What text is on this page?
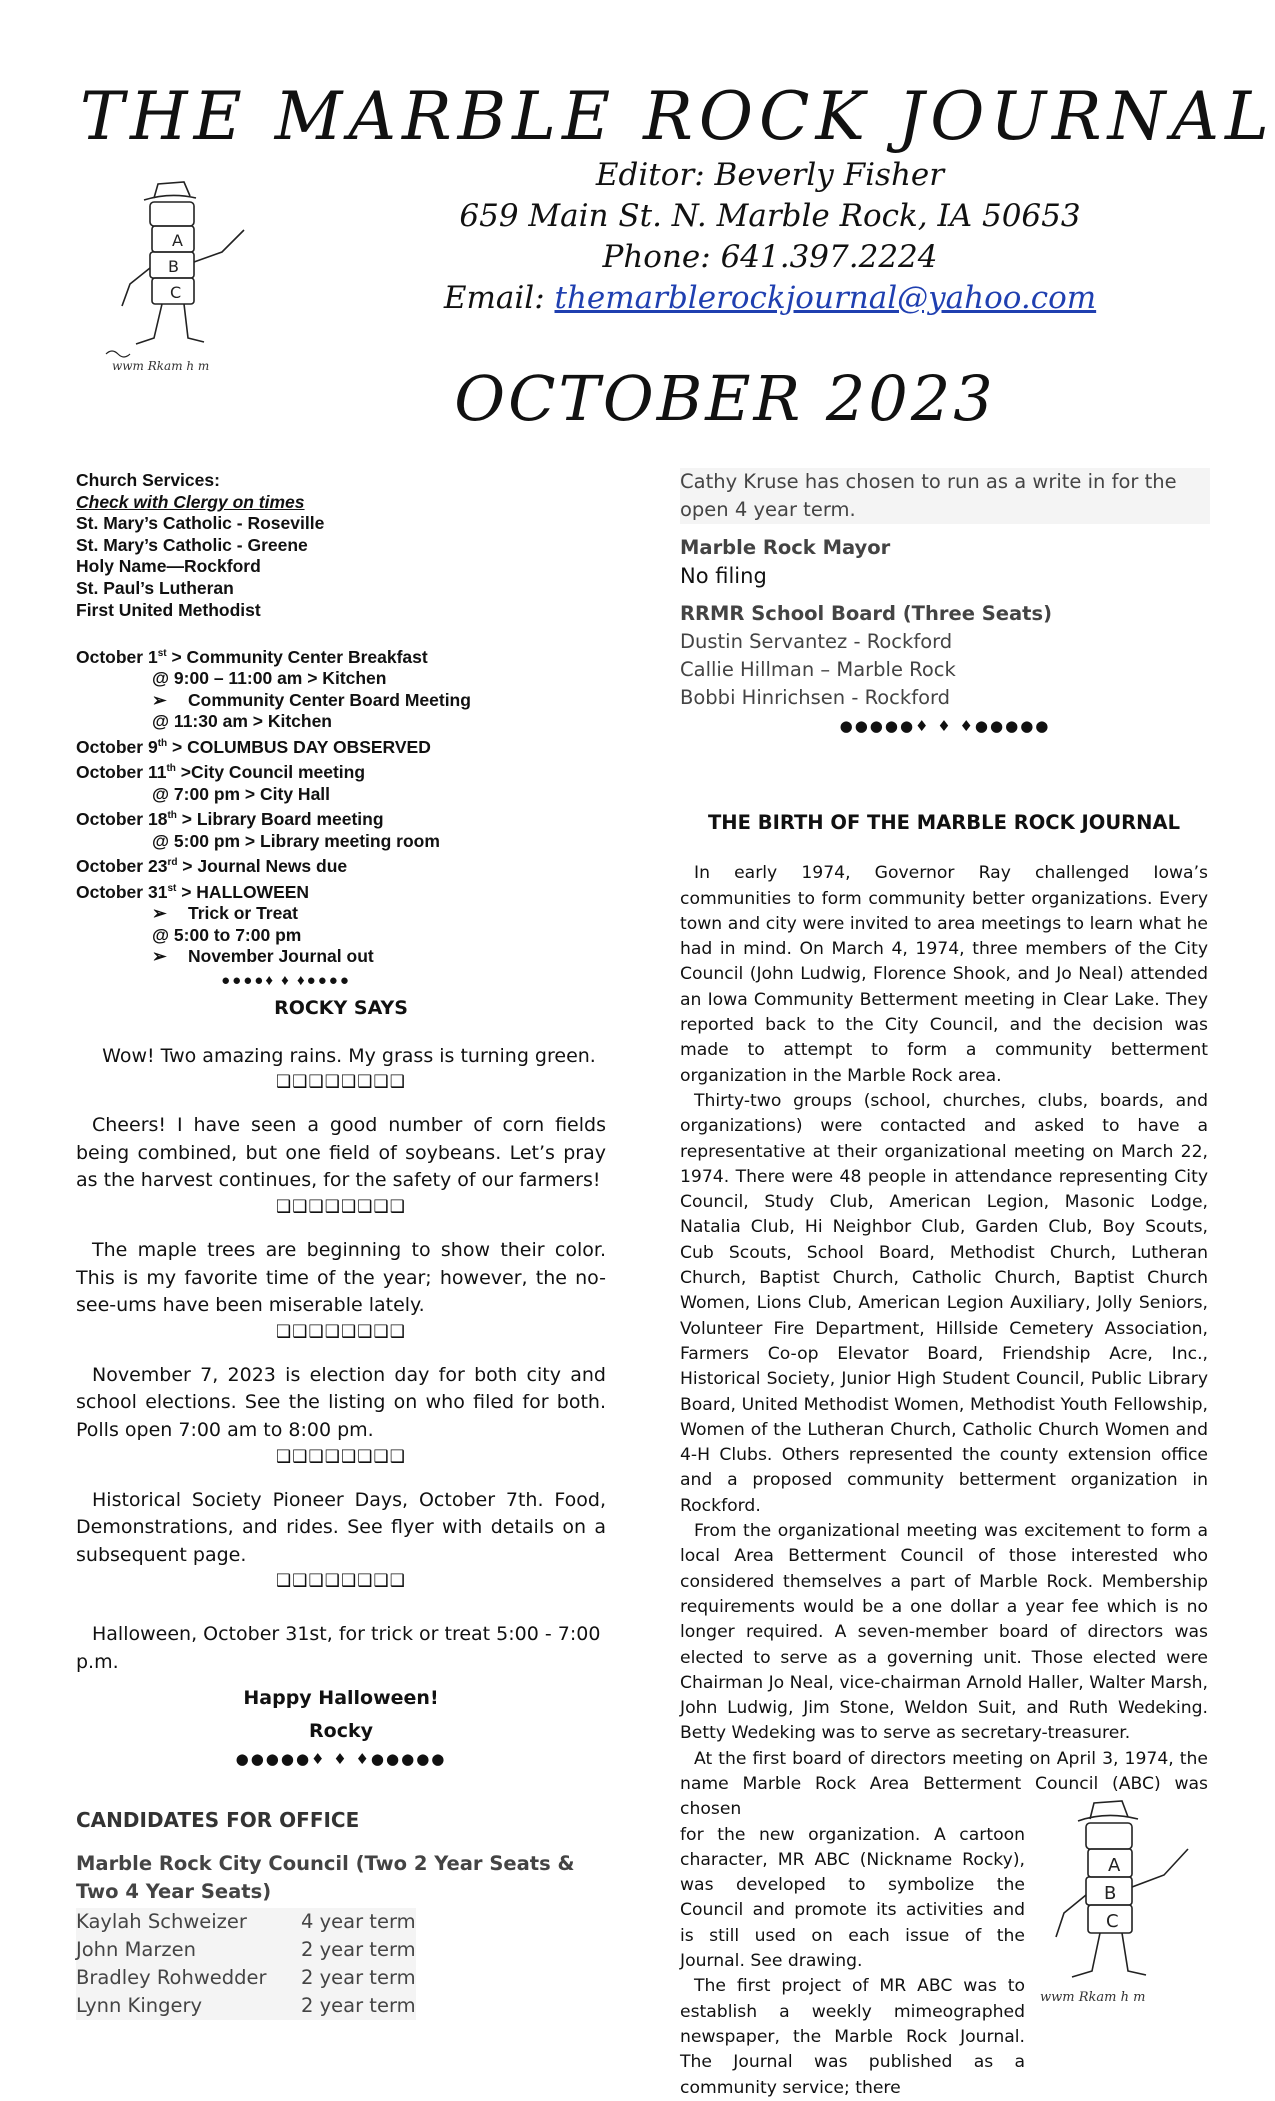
THE MARBLE ROCK JOURNAL
Editor: Beverly Fisher
659 Main St. N. Marble Rock, IA 50653
Phone: 641.397.2224
Email: themarblerockjournal@yahoo.com
OCTOBER 2023
A
B
C
wwm Rkam h m
Church Services:
Check with Clergy on times
St. Mary’s Catholic - Roseville
St. Mary’s Catholic - Greene
Holy Name—Rockford
St. Paul’s Lutheran
First United Methodist
October 1st > Community Center Breakfast
@ 9:00 – 11:00 am > Kitchen
➢ Community Center Board Meeting
@ 11:30 am > Kitchen
October 9th > COLUMBUS DAY OBSERVED
October 11th >City Council meeting
@ 7:00 pm > City Hall
October 18th > Library Board meeting
@ 5:00 pm > Library meeting room
October 23rd > Journal News due
October 31st > HALLOWEEN
➢ Trick or Treat
@ 5:00 to 7:00 pm
➢ November Journal out
●●●●♦ ♦ ♦●●●●
ROCKY SAYS

Wow! Two amazing rains. My grass is turning green.

❑❑❑❑❑❑❑❑

Cheers! I have seen a good number of corn fields being combined, but one field of soybeans. Let’s pray as the harvest continues, for the safety of our farmers!

❑❑❑❑❑❑❑❑

The maple trees are beginning to show their color. This is my favorite time of the year; however, the no-see-ums have been miserable lately.

❑❑❑❑❑❑❑❑

November 7, 2023 is election day for both city and school elections. See the listing on who filed for both. Polls open 7:00 am to 8:00 pm.

❑❑❑❑❑❑❑❑

Historical Society Pioneer Days, October 7th. Food, Demonstrations, and rides. See flyer with details on a subsequent page.

❑❑❑❑❑❑❑❑

Halloween, October 31st, for trick or treat 5:00 - 7:00 p.m.

Happy Halloween!

Rocky

●●●●●♦ ♦ ♦●●●●●
CANDIDATES FOR OFFICE
Marble Rock City Council (Two 2 Year Seats & Two 4 Year Seats)
Kaylah Schweizer	4 year term
John Marzen	2 year term
Bradley Rohwedder	2 year term
Lynn Kingery	2 year term
Cathy Kruse has chosen to run as a write in for the open 4 year term.
Marble Rock Mayor
No filing
RRMR School Board (Three Seats)
Dustin Servantez - Rockford
Callie Hillman – Marble Rock
Bobbi Hinrichsen - Rockford
●●●●●♦ ♦ ♦●●●●●
THE BIRTH OF THE MARBLE ROCK JOURNAL

In early 1974, Governor Ray challenged Iowa’s communities to form community better organizations. Every town and city were invited to area meetings to learn what he had in mind. On March 4, 1974, three members of the City Council (John Ludwig, Florence Shook, and Jo Neal) attended an Iowa Community Betterment meeting in Clear Lake. They reported back to the City Council, and the decision was made to attempt to form a community betterment organization in the Marble Rock area.

Thirty-two groups (school, churches, clubs, boards, and organizations) were contacted and asked to have a representative at their organizational meeting on March 22, 1974. There were 48 people in attendance representing City Council, Study Club, American Legion, Masonic Lodge, Natalia Club, Hi Neighbor Club, Garden Club, Boy Scouts, Cub Scouts, School Board, Methodist Church, Lutheran Church, Baptist Church, Catholic Church, Baptist Church Women, Lions Club, American Legion Auxiliary, Jolly Seniors, Volunteer Fire Department, Hillside Cemetery Association, Farmers Co-op Elevator Board, Friendship Acre, Inc., Historical Society, Junior High Student Council, Public Library Board, United Methodist Women, Methodist Youth Fellowship, Women of the Lutheran Church, Catholic Church Women and 4-H Clubs. Others represented the county extension office and a proposed community betterment organization in Rockford.

From the organizational meeting was excitement to form a local Area Betterment Council of those interested who considered themselves a part of Marble Rock. Membership requirements would be a one dollar a year fee which is no longer required. A seven-member board of directors was elected to serve as a governing unit. Those elected were Chairman Jo Neal, vice-chairman Arnold Haller, Walter Marsh, John Ludwig, Jim Stone, Weldon Suit, and Ruth Wedeking. Betty Wedeking was to serve as secretary-treasurer.

At the first board of directors meeting on April 3, 1974, the name Marble Rock Area Betterment Council (ABC) was chosen

for the new organization. A cartoon character, MR ABC (Nickname Rocky), was developed to symbolize the Council and promote its activities and is still used on each issue of the Journal. See drawing.

The first project of MR ABC was to establish a weekly mimeographed newspaper, the Marble Rock Journal. The Journal was published as a community service; there

A
B
C
wwm Rkam h m
